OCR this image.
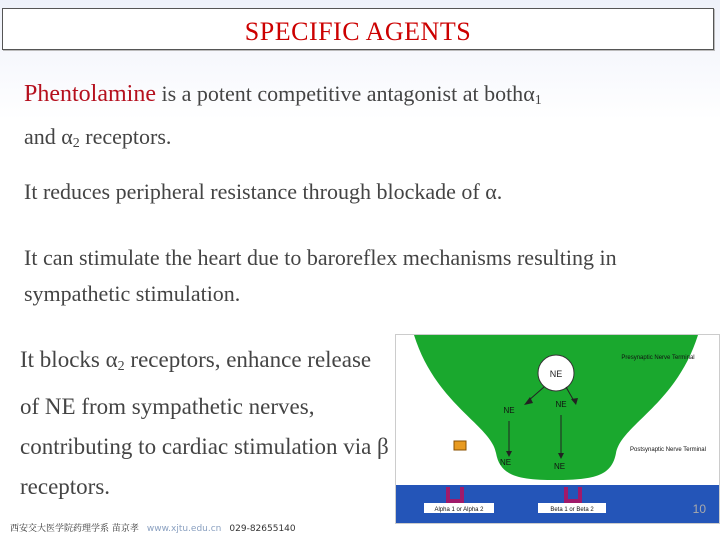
SPECIFIC AGENTS
Phentolamine is a potent competitive antagonist at bothα$_1$
and $\alpha_2$ receptors.
It reduces peripheral resistance through blockade of α.
It can stimulate the heart due to baroreflex mechanisms resulting in sympathetic stimulation.
It blocks $\alpha_2$ receptors, enhance release of NE from sympathetic nerves, contributing to cardiac stimulation via β receptors.
NE
NE
NE
NE	NE
Presynaptic Nerve Terminal
Postsynaptic Nerve Terminal
Alpha 1 or Alpha 2	Beta 1 or Beta 2	10
西安交大医学院药理学系 苗京孝 www.xjtu.edu.cn 029-82655140
